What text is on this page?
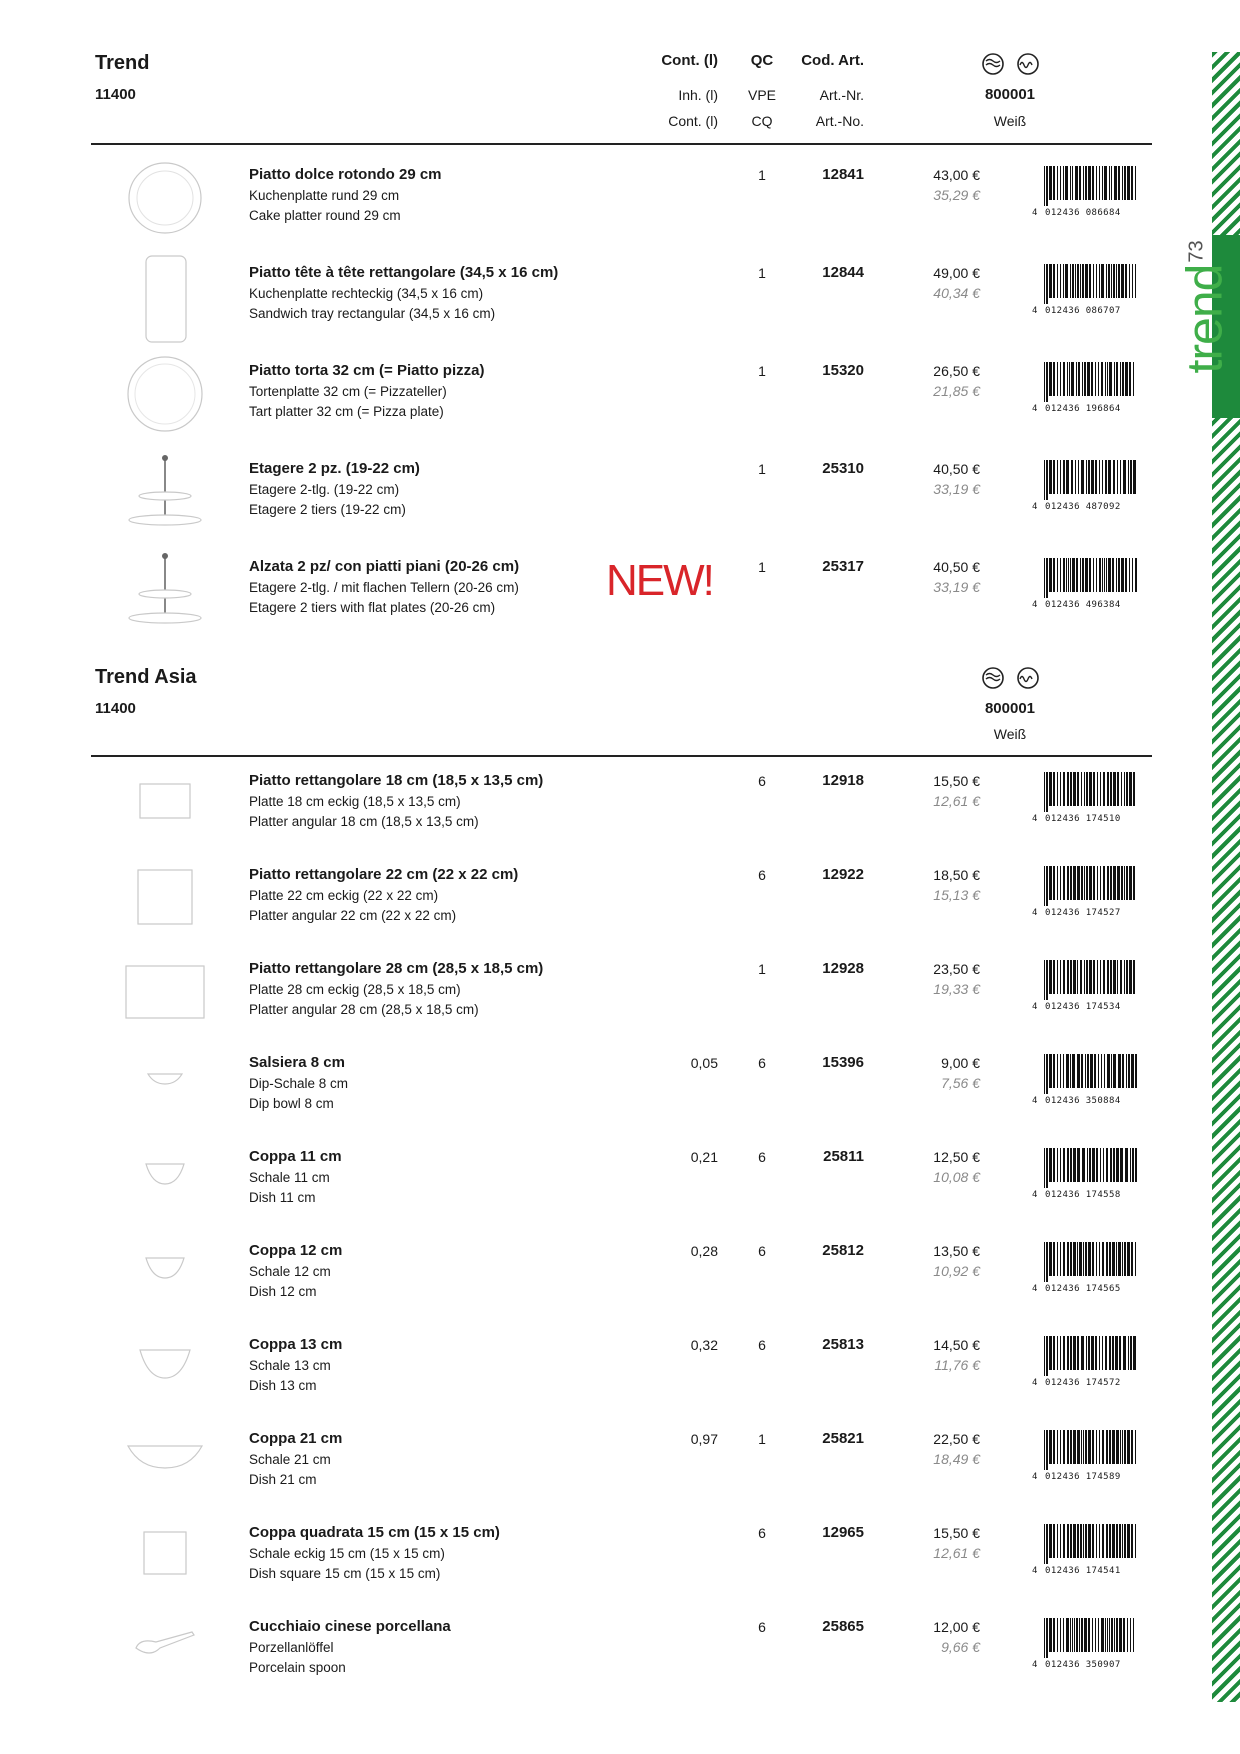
trend
73
Trend
11400
Cont. (l)
Inh. (l)
Cont. (l)
QC
VPE
CQ
Cod. Art.
Art.-Nr.
Art.-No.
800001
Weiß
Piatto dolce rotondo 29 cm
Kuchenplatte rund 29 cm
Cake platter round 29 cm
1	12841	43,00 €
35,29 €
4 012436 086684
Piatto tête à tête rettangolare (34,5 x 16 cm)
Kuchenplatte rechteckig (34,5 x 16 cm)
Sandwich tray rectangular (34,5 x 16 cm)
1	12844	49,00 €
40,34 €
4 012436 086707
Piatto torta 32 cm (= Piatto pizza)
Tortenplatte 32 cm (= Pizzateller)
Tart platter 32 cm (= Pizza plate)
1	15320	26,50 €
21,85 €
4 012436 196864
Etagere 2 pz. (19-22 cm)
Etagere 2-tlg. (19-22 cm)
Etagere 2 tiers (19-22 cm)
1	25310	40,50 €
33,19 €
4 012436 487092
Alzata 2 pz/ con piatti piani (20-26 cm)
Etagere 2-tlg. / mit flachen Tellern (20-26 cm)
Etagere 2 tiers with flat plates (20-26 cm)
1	25317	40,50 €
33,19 €
4 012436 496384
NEW!
Trend Asia
11400	800001
Weiß
Piatto rettangolare 18 cm (18,5 x 13,5 cm)
Platte 18 cm eckig (18,5 x 13,5 cm)
Platter angular 18 cm (18,5 x 13,5 cm)
6	12918	15,50 €
12,61 €
4 012436 174510
Piatto rettangolare 22 cm (22 x 22 cm)
Platte 22 cm eckig (22 x 22 cm)
Platter angular 22 cm (22 x 22 cm)
6	12922	18,50 €
15,13 €
4 012436 174527
Piatto rettangolare 28 cm (28,5 x 18,5 cm)
Platte 28 cm eckig (28,5 x 18,5 cm)
Platter angular 28 cm (28,5 x 18,5 cm)
1	12928	23,50 €
19,33 €
4 012436 174534
Salsiera 8 cm
Dip-Schale 8 cm
Dip bowl 8 cm
0,05	6	15396	9,00 €
7,56 €
4 012436 350884
Coppa 11 cm
Schale 11 cm
Dish 11 cm
0,21	6	25811	12,50 €
10,08 €
4 012436 174558
Coppa 12 cm
Schale 12 cm
Dish 12 cm
0,28	6	25812	13,50 €
10,92 €
4 012436 174565
Coppa 13 cm
Schale 13 cm
Dish 13 cm
0,32	6	25813	14,50 €
11,76 €
4 012436 174572
Coppa 21 cm
Schale 21 cm
Dish 21 cm
0,97	1	25821	22,50 €
18,49 €
4 012436 174589
Coppa quadrata 15 cm (15 x 15 cm)
Schale eckig 15 cm (15 x 15 cm)
Dish square 15 cm (15 x 15 cm)
6	12965	15,50 €
12,61 €
4 012436 174541
Cucchiaio cinese porcellana
Porzellanlöffel
Porcelain spoon
6	25865	12,00 €
9,66 €
4 012436 350907
